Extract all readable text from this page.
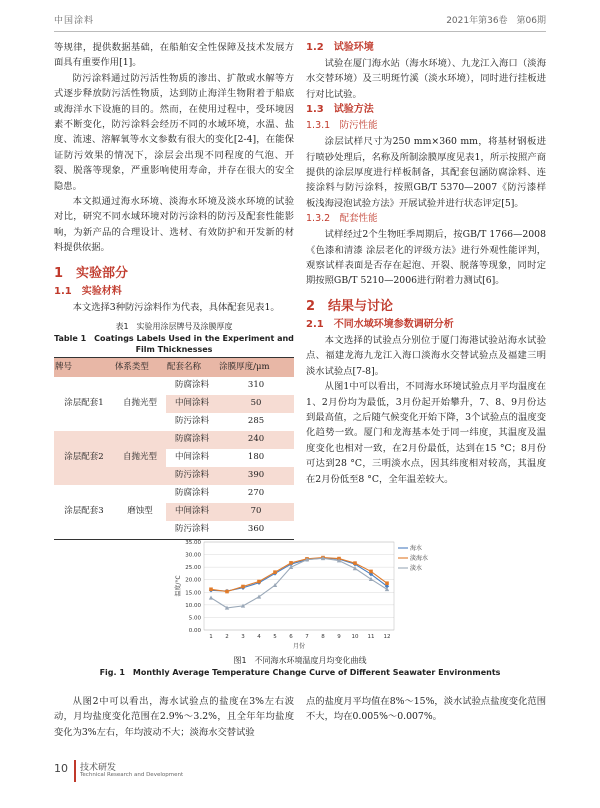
中国涂料	2021年第36卷　第06期

等规律，提供数据基础，在船舶安全性保障及技术发展方面具有重要作用[1]。

防污涂料通过防污活性物质的渗出、扩散或水解等方式逐步释放防污活性物质，达到防止海洋生物附着于船底或海洋水下设施的目的。然而，在使用过程中，受环境因素不断变化，防污涂料会经历不同的水域环境，水温、盐度、流速、溶解氧等水文参数有很大的变化[2-4]，在能保证防污效果的情况下，涂层会出现不同程度的气泡、开裂、脱落等现象，严重影响使用寿命，并存在很大的安全隐患。

本文拟通过海水环境、淡海水环境及淡水环境的试验对比，研究不同水域环境对防污涂料的防污及配套性能影响，为新产品的合理设计、选材、有效防护和开发新的材料提供依据。

1　实验部分

1.1　实验材料

本文选择3种防污涂料作为代表，具体配套见表1。

表1　实验用涂层牌号及涂膜厚度
Table 1　Coatings Labels Used in the Experiment and Film Thicknesses
牌号	体系类型	配套名称	涂膜厚度/μm
涂层配套1	自抛光型	防腐涂料	310
		中间涂料	50
		防污涂料	285
涂层配套2	自抛光型	防腐涂料	240
		中间涂料	180
		防污涂料	390
涂层配套3	磨蚀型	防腐涂料	270
		中间涂料	70
		防污涂料	360

1.2　试验环境

试验在厦门海水站（海水环境）、九龙江入海口（淡海水交替环境）及三明斑竹溪（淡水环境），同时进行挂板进行对比试验。

1.3　试验方法

1.3.1　防污性能

涂层试样尺寸为250 mm×360 mm，将基材钢板进行喷砂处理后，名称及所制涂膜厚度见表1，所示按照产商提供的涂层厚度进行样板制备，其配套包涵防腐涂料、连接涂料与防污涂料，按照GB/T 5370—2007《防污漆样板浅海浸泡试验方法》开展试验并进行状态评定[5]。

1.3.2　配套性能

试样经过2个生物旺季周期后，按GB/T 1766—2008《色漆和清漆 涂层老化的评级方法》进行外观性能评判，观察试样表面是否存在起泡、开裂、脱落等现象，同时定期按照GB/T 5210—2006进行附着力测试[6]。

2　结果与讨论

2.1　不同水域环境参数调研分析

本文选择的试验点分别位于厦门海港试验站海水试验点、福建龙海九龙江入海口淡海水交替试验点及福建三明淡水试验点[7-8]。

从图1中可以看出，不同海水环境试验点月平均温度在1、2月份均为最低，3月份起开始攀升，7、8、9月份达到最高值，之后随气候变化开始下降，3个试验点的温度变化趋势一致。厦门和龙海基本处于同一纬度，其温度及温度变化也相对一致，在2月份最低，达到在15 °C；8月份可达到28 °C，三明淡水点，因其纬度相对较高，其温度在2月份低至8 °C，全年温差较大。

0.00
5.00
10.00
15.00
20.00
25.00
30.00
35.00
1 2 3 4 5 6 7 8 9 10 11 12
月份
温度/°C
海水
淡海水
淡水
图1　不同海水环境温度月均变化曲线
Fig. 1　Monthly Average Temperature Change Curve of Different Seawater Environments

从图2中可以看出，海水试验点的盐度在3%左右波动，月均盐度变化范围在2.9%～3.2%，且全年年均盐度变化为3%左右，年均波动不大；淡海水交替试验

点的盐度月平均值在8%～15%，淡水试验点盐度变化范围不大，均在0.005%～0.007%。

10 技术研发
Technical Research and Development
